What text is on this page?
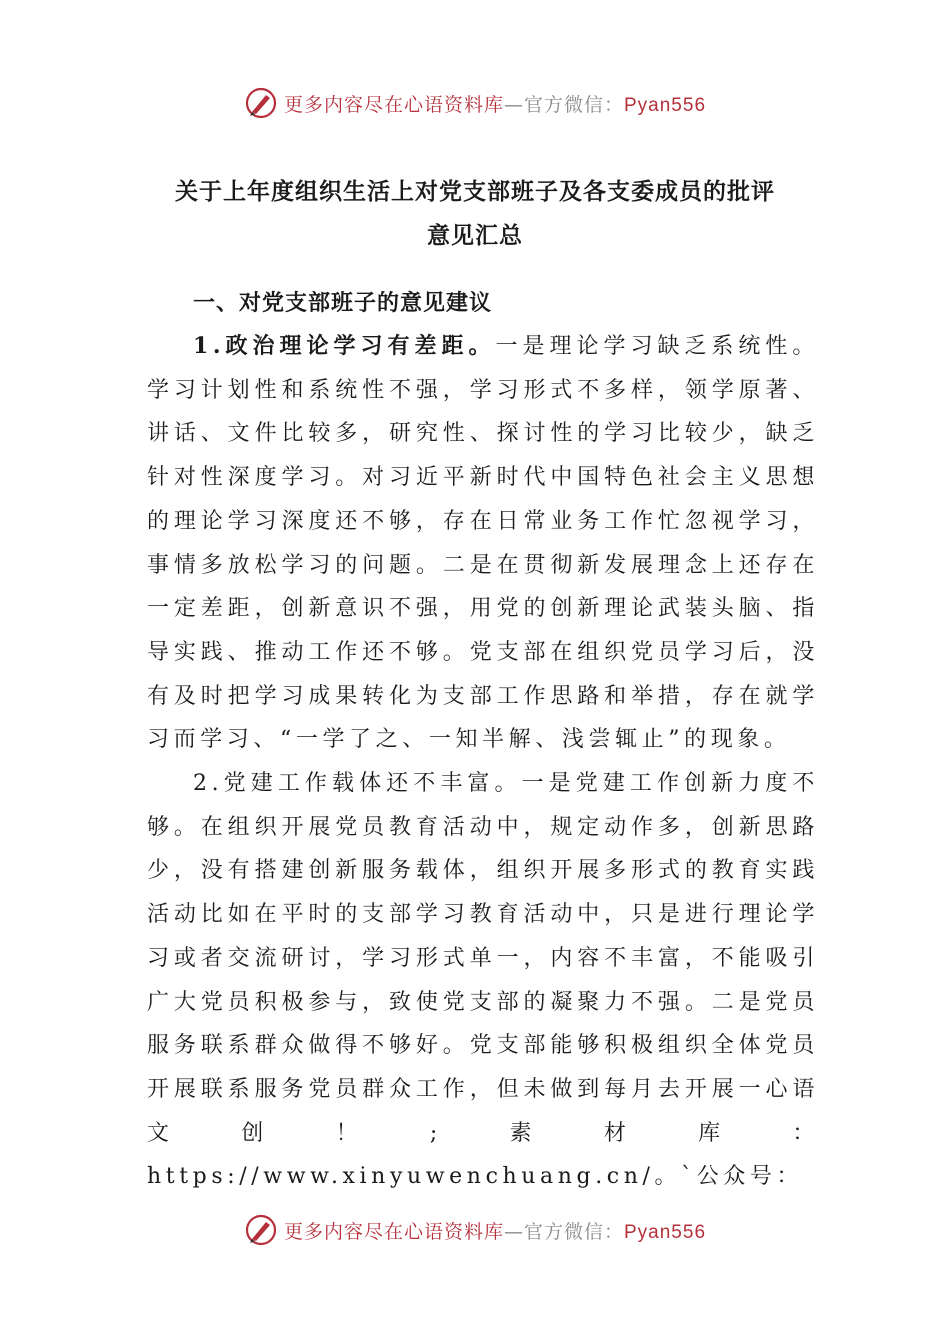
更多内容尽在心语资料库—官方微信：Pyan556
关于上年度组织生活上对党支部班子及各支委成员的批评
意见汇总
一、对党支部班子的意见建议

1.政治理论学习有差距。一是理论学习缺乏系统性。学习计划性和系统性不强，学习形式不多样，领学原著、讲话、文件比较多，研究性、探讨性的学习比较少，缺乏针对性深度学习。对习近平新时代中国特色社会主义思想的理论学习深度还不够，存在日常业务工作忙忽视学习，事情多放松学习的问题。二是在贯彻新发展理念上还存在一定差距，创新意识不强，用党的创新理论武装头脑、指导实践、推动工作还不够。党支部在组织党员学习后，没有及时把学习成果转化为支部工作思路和举措，存在就学习而学习、“一学了之、一知半解、浅尝辄止”的现象。

2.党建工作载体还不丰富。一是党建工作创新力度不够。在组织开展党员教育活动中，规定动作多，创新思路少，没有搭建创新服务载体，组织开展多形式的教育实践活动比如在平时的支部学习教育活动中，只是进行理论学习或者交流研讨，学习形式单一，内容不丰富，不能吸引广大党员积极参与，致使党支部的凝聚力不强。二是党员服务联系群众做得不够好。党支部能够积极组织全体党员开展联系服务党员群众工作，但未做到每月去开展一心语文创！;素材库：https://www.xinyuwenchuang.cn/。`公众号：

更多内容尽在心语资料库—官方微信：Pyan556
